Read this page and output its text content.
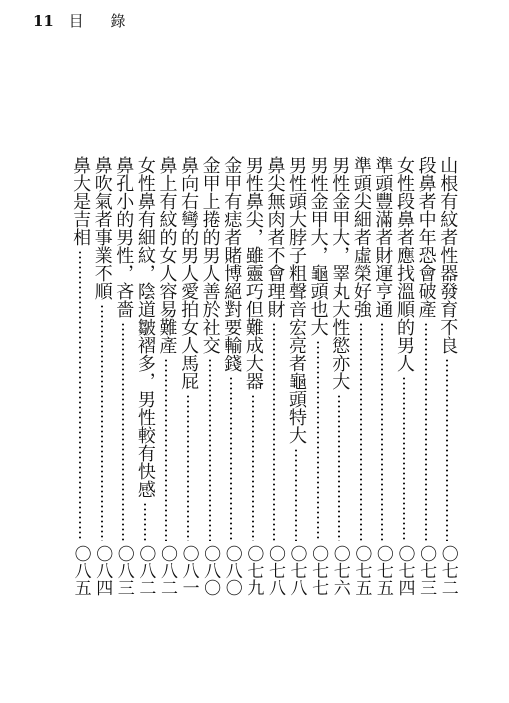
11 目 錄
山根有紋者性器發育不良
〇七二
段鼻者中年恐會破產
〇七三
女性段鼻者應找溫順的男人
〇七四
準頭豐滿者財運亨通
〇七五
準頭尖細者虛榮好強
〇七五
男性金甲大，睪丸大性慾亦大
〇七六
男性金甲大，龜頭也大
〇七七
男性頭大脖子粗聲音宏亮者龜頭特大
〇七八
鼻尖無肉者不會理財
〇七八
男性鼻尖，雖靈巧但難成大器
〇七九
金甲有痣者賭博絕對要輸錢
〇八〇
金甲上捲的男人善於社交
〇八〇
鼻向右彎的男人愛拍女人馬屁
〇八一
鼻上有紋的女人容易難產
〇八二
女性鼻有細紋，陰道皺褶多，男性較有快感
〇八二
鼻孔小的男性，吝嗇
〇八三
鼻吹氣者事業不順
〇八四
鼻大是吉相
〇八五
